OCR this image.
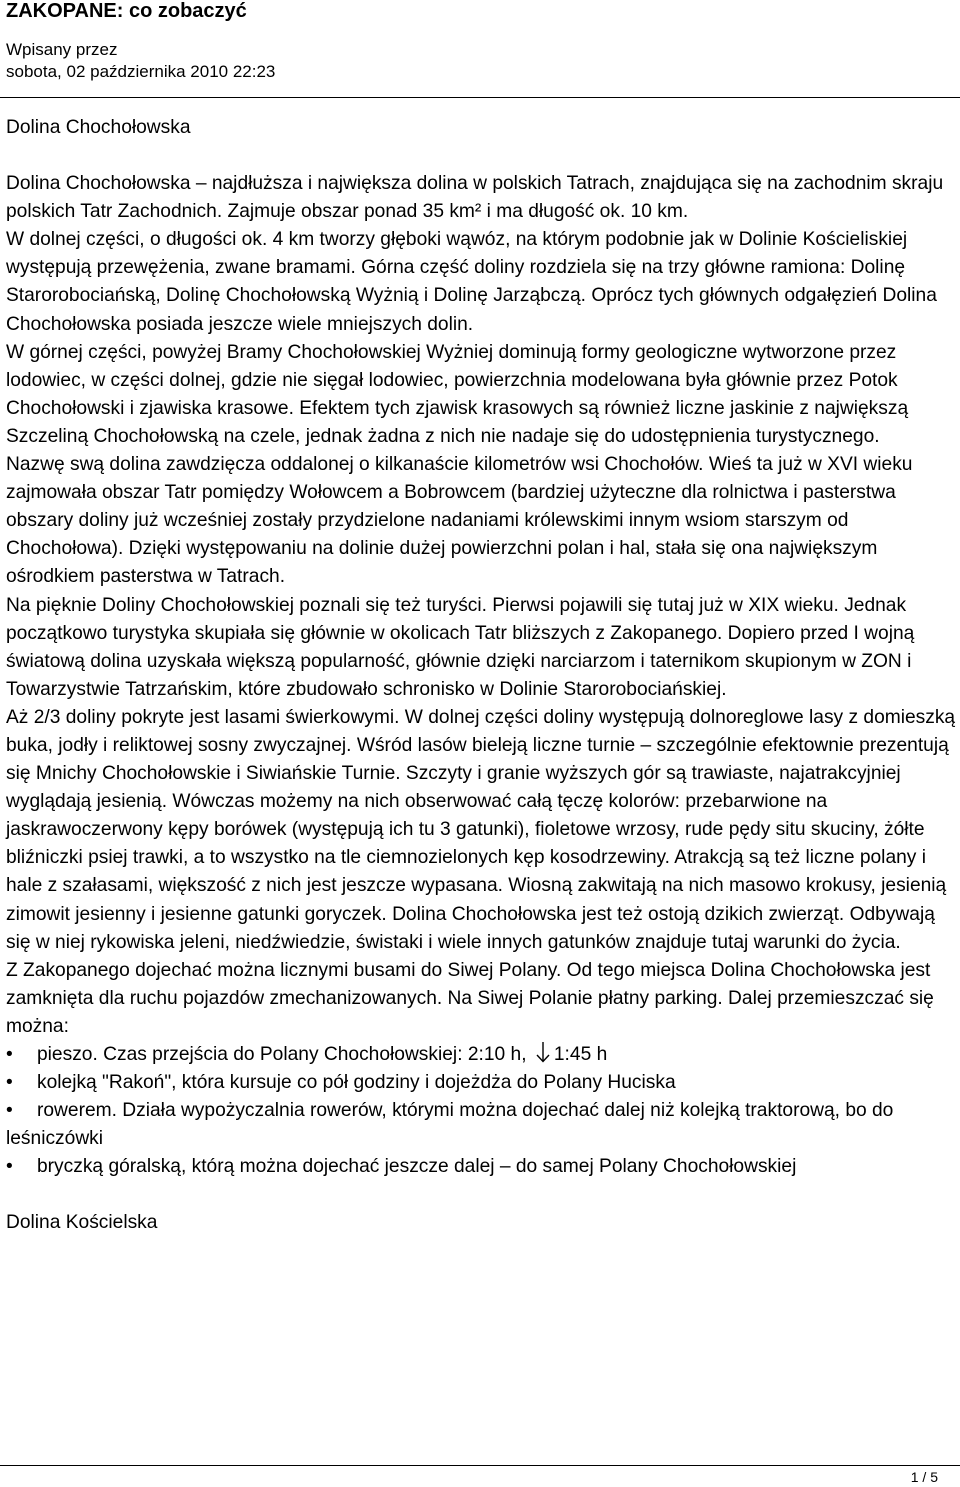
ZAKOPANE: co zobaczyć
Wpisany przez
sobota, 02 października 2010 22:23

Dolina Chochołowska

Dolina Chochołowska – najdłuższa i największa dolina w polskich Tatrach, znajdująca się na zachodnim skraju polskich Tatr Zachodnich. Zajmuje obszar ponad 35 km² i ma długość ok. 10 km.

W dolnej części, o długości ok. 4 km tworzy głęboki wąwóz, na którym podobnie jak w Dolinie Kościeliskiej występują przewężenia, zwane bramami. Górna część doliny rozdziela się na trzy główne ramiona: Dolinę Starorobociańską, Dolinę Chochołowską Wyżnią i Dolinę Jarząbczą. Oprócz tych głównych odgałęzień Dolina Chochołowska posiada jeszcze wiele mniejszych dolin.

W górnej części, powyżej Bramy Chochołowskiej Wyżniej dominują formy geologiczne wytworzone przez lodowiec, w części dolnej, gdzie nie sięgał lodowiec, powierzchnia modelowana była głównie przez Potok Chochołowski i zjawiska krasowe. Efektem tych zjawisk krasowych są również liczne jaskinie z największą Szczeliną Chochołowską na czele, jednak żadna z nich nie nadaje się do udostępnienia turystycznego.

Nazwę swą dolina zawdzięcza oddalonej o kilkanaście kilometrów wsi Chochołów. Wieś ta już w XVI wieku zajmowała obszar Tatr pomiędzy Wołowcem a Bobrowcem (bardziej użyteczne dla rolnictwa i pasterstwa obszary doliny już wcześniej zostały przydzielone nadaniami królewskimi innym wsiom starszym od Chochołowa). Dzięki występowaniu na dolinie dużej powierzchni polan i hal, stała się ona największym ośrodkiem pasterstwa w Tatrach.

Na pięknie Doliny Chochołowskiej poznali się też turyści. Pierwsi pojawili się tutaj już w XIX wieku. Jednak początkowo turystyka skupiała się głównie w okolicach Tatr bliższych z Zakopanego. Dopiero przed I wojną światową dolina uzyskała większą popularność, głównie dzięki narciarzom i taternikom skupionym w ZON i Towarzystwie Tatrzańskim, które zbudowało schronisko w Dolinie Starorobociańskiej.

Aż 2/3 doliny pokryte jest lasami świerkowymi. W dolnej części doliny występują dolnoreglowe lasy z domieszką buka, jodły i reliktowej sosny zwyczajnej. Wśród lasów bieleją liczne turnie – szczególnie efektownie prezentują się Mnichy Chochołowskie i Siwiańskie Turnie. Szczyty i granie wyższych gór są trawiaste, najatrakcyjniej wyglądają jesienią. Wówczas możemy na nich obserwować całą tęczę kolorów: przebarwione na jaskrawoczerwony kępy borówek (występują ich tu 3 gatunki), fioletowe wrzosy, rude pędy situ skuciny, żółte bliźniczki psiej trawki, a to wszystko na tle ciemnozielonych kęp kosodrzewiny. Atrakcją są też liczne polany i hale z szałasami, większość z nich jest jeszcze wypasana. Wiosną zakwitają na nich masowo krokusy, jesienią zimowit jesienny i jesienne gatunki goryczek. Dolina Chochołowska jest też ostoją dzikich zwierząt. Odbywają się w niej rykowiska jeleni, niedźwiedzie, świstaki i wiele innych gatunków znajduje tutaj warunki do życia.

Z Zakopanego dojechać można licznymi busami do Siwej Polany. Od tego miejsca Dolina Chochołowska jest zamknięta dla ruchu pojazdów zmechanizowanych. Na Siwej Polanie płatny parking. Dalej przemieszczać się można:

• pieszo. Czas przejścia do Polany Chochołowskiej: 2:10 h, 1:45 h
• kolejką "Rakoń", która kursuje co pół godziny i dojeżdża do Polany Huciska
• rowerem. Działa wypożyczalnia rowerów, którymi można dojechać dalej niż kolejką traktorową, bo do leśniczówki
• bryczką góralską, którą można dojechać jeszcze dalej – do samej Polany Chochołowskiej

Dolina Kościelska

1 / 5
